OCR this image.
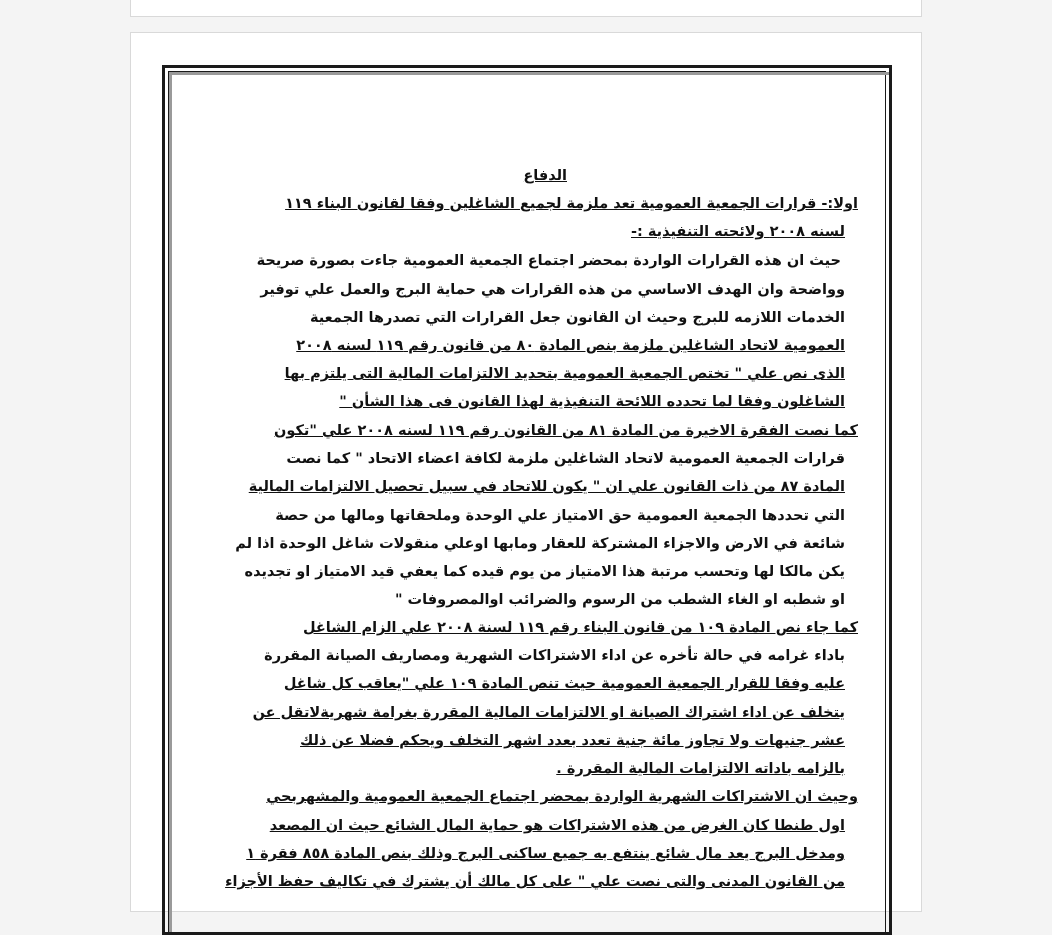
الدفاع
اولا:- قرارات الجمعية العمومية تعد ملزمة لجميع الشاغلين وفقا لقانون البناء ١١٩
لسنه ٢٠٠٨ ولائحته التنفيذية :-
حيث ان هذه القرارات الواردة بمحضر اجتماع الجمعية العمومية جاءت بصورة صريحة
وواضحة وان الهدف الاساسي من هذه القرارات هي حماية البرج والعمل علي توفير
الخدمات اللازمه للبرج وحيث ان القانون جعل القرارات التي تصدرها الجمعية
العمومية لاتحاد الشاغلين ملزمة بنص المادة ٨٠ من قانون رقم ١١٩ لسنه ٢٠٠٨
الذى نص علي " تختص الجمعية العمومية بتحديد الالتزامات المالية التى يلتزم بها
الشاغلون وفقا لما تحدده اللائحة التنفيذية لهذا القانون فى هذا الشأن "
كما نصت الفقرة الاخيرة من المادة ٨١ من القانون رقم ١١٩ لسنه ٢٠٠٨ علي "تكون
قرارات الجمعية العمومية لاتحاد الشاغلين ملزمة لكافة اعضاء الاتحاد " كما نصت
المادة ٨٧ من ذات القانون علي ان " يكون للاتحاد في سبيل تحصيل الالتزامات المالية
التي تحددها الجمعية العمومية حق الامتياز علي الوحدة وملحقاتها ومالها من حصة
شائعة في الارض والاجزاء المشتركة للعقار ومابها اوعلي منقولات شاغل الوحدة اذا لم
يكن مالكا لها وتحسب مرتبة هذا الامتياز من يوم قيده كما يعفي قيد الامتياز او تجديده
او شطبه او الغاء الشطب من الرسوم والضرائب اوالمصروفات "
كما جاء نص المادة ١٠٩ من قانون البناء رقم ١١٩ لسنة ٢٠٠٨ علي الزام الشاغل
باداء غرامه في حالة تأخره عن اداء الاشتراكات الشهرية ومصاريف الصيانة المقررة
عليه وفقا للقرار الجمعية العمومية حيث تنص المادة ١٠٩ علي "يعاقب كل شاغل
يتخلف عن اداء اشتراك الصيانة او الالتزامات المالية المقررة بغرامة شهريةلاتقل عن
عشر جنيهات ولا تجاوز مائة جنية تعدد بعدد اشهر التخلف ويحكم فضلا عن ذلك
بالزامه باداته الالتزامات المالية المقررة .
وحيث ان الاشتراكات الشهرية الواردة بمحضر اجتماع الجمعية العمومية والمشهربحي
اول طنطا كان الغرض من هذه الاشتراكات هو حماية المال الشائع حيث ان المصعد
ومدخل البرج يعد مال شائع ينتفع به جميع ساكنى البرج وذلك بنص المادة ٨٥٨ فقرة ١
من القانون المدنى والتى نصت علي " على كل مالك أن يشترك في تكاليف حفظ الأجزاء
